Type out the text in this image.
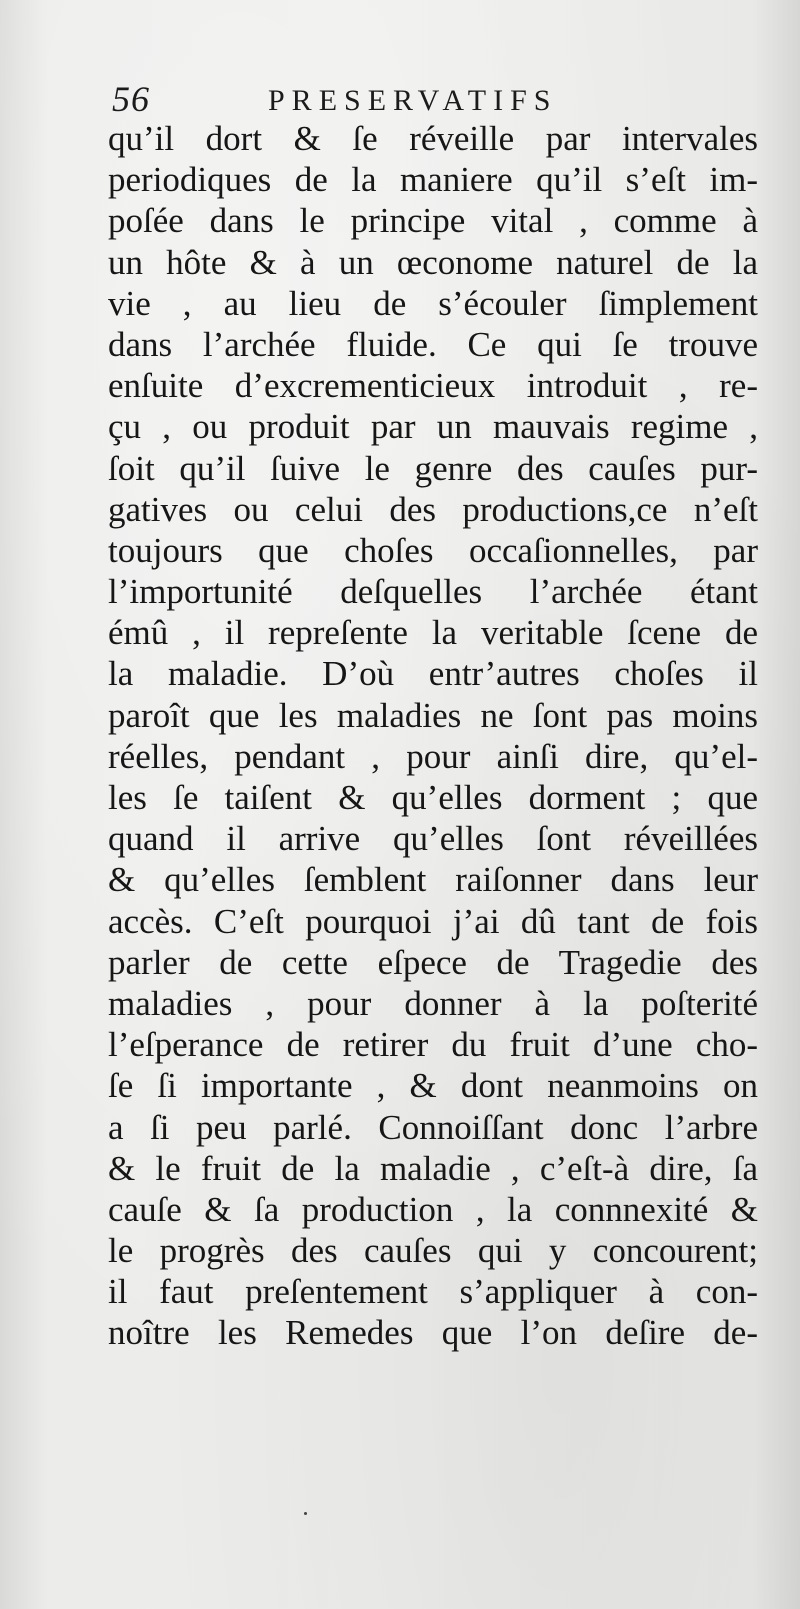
56	PRESERVATIFS
qu’il dort & ſe réveille par intervales
periodiques de la maniere qu’il s’eſt im-
poſée dans le principe vital , comme à
un hôte & à un œconome naturel de la
vie , au lieu de s’écouler ſimplement
dans l’archée fluide. Ce qui ſe trouve
enſuite d’excrementicieux introduit , re-
çu , ou produit par un mauvais regime ,
ſoit qu’il ſuive le genre des cauſes pur-
gatives ou celui des productions,ce n’eſt
toujours que choſes occaſionnelles, par
l’importunité deſquelles l’archée étant
émû , il repreſente la veritable ſcene de
la maladie. D’où entr’autres choſes il
paroît que les maladies ne ſont pas moins
réelles, pendant , pour ainſi dire, qu’el-
les ſe taiſent & qu’elles dorment ; que
quand il arrive qu’elles ſont réveillées
& qu’elles ſemblent raiſonner dans leur
accès. C’eſt pourquoi j’ai dû tant de fois
parler de cette eſpece de Tragedie des
maladies , pour donner à la poſterité
l’eſperance de retirer du fruit d’une cho-
ſe ſi importante , & dont neanmoins on
a ſi peu parlé. Connoiſſant donc l’arbre
& le fruit de la maladie , c’eſt-à dire, ſa
cauſe & ſa production , la connnexité &
le progrès des cauſes qui y concourent;
il faut preſentement s’appliquer à con-
noître les Remedes que l’on deſire de-
